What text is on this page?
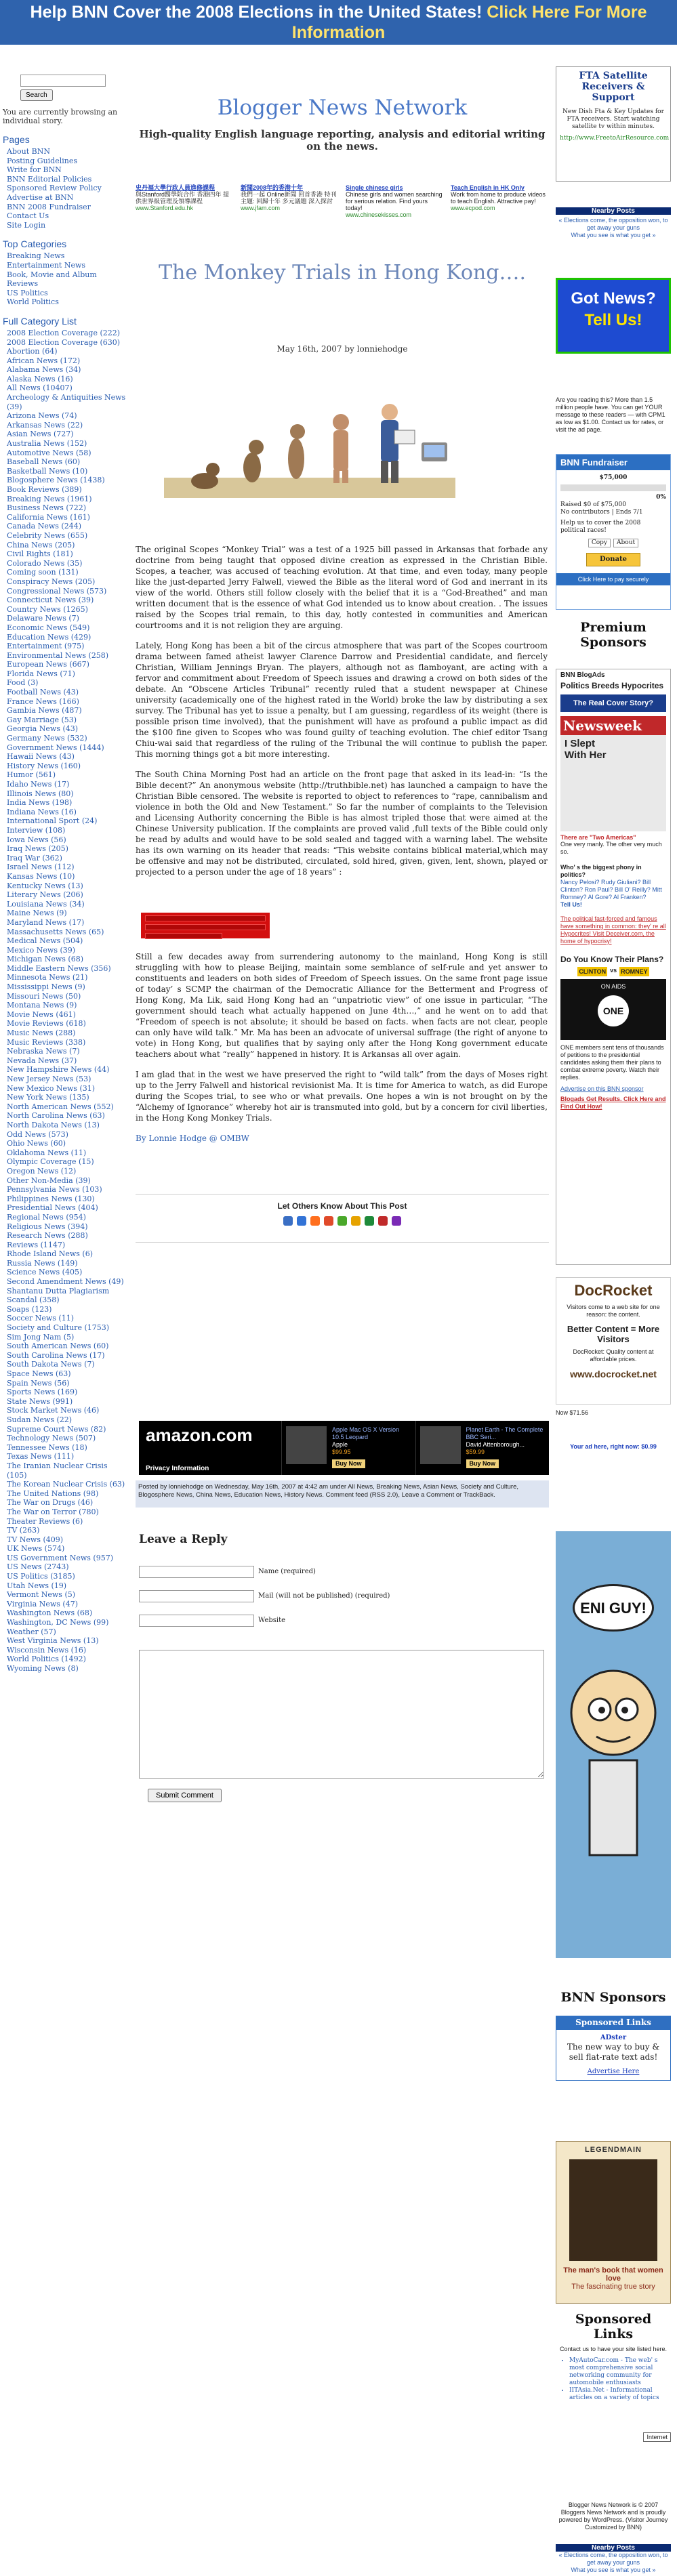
Help BNN Cover the 2008 Elections in the United States! Click Here For More Information
Search
You are currently browsing an individual story.
Pages
About BNN
Posting Guidelines
Write for BNN
BNN Editorial Policies
Sponsored Review Policy
Advertise at BNN
BNN 2008 Fundraiser
Contact Us
Site Login
Top Categories
Breaking News
Entertainment News
Book, Movie and Album Reviews
US Politics
World Politics
Full Category List
2008 Election Coverage (222)
2008 Election Coverage (630)
Abortion (64)
African News (172)
Alabama News (34)
Alaska News (16)
All News (10407)
Archeology & Antiquities News (39)
Arizona News (74)
Arkansas News (22)
Asian News (727)
Australia News (152)
Automotive News (58)
Baseball News (60)
Basketball News (10)
Blogosphere News (1438)
Book Reviews (389)
Breaking News (1961)
Business News (722)
California News (161)
Canada News (244)
Celebrity News (655)
China News (205)
Civil Rights (181)
Colorado News (35)
Coming soon (131)
Conspiracy News (205)
Congressional News (573)
Connecticut News (39)
Country News (1265)
Delaware News (7)
Economic News (549)
Education News (429)
Entertainment (975)
Environmental News (258)
European News (667)
Florida News (71)
Food (3)
Football News (43)
France News (166)
Gambia News (487)
Gay Marriage (53)
Georgia News (43)
Germany News (532)
Government News (1444)
Hawaii News (43)
History News (160)
Humor (561)
Idaho News (17)
Illinois News (80)
India News (198)
Indiana News (16)
International Sport (24)
Interview (108)
Iowa News (56)
Iraq News (205)
Iraq War (362)
Israel News (112)
Kansas News (10)
Kentucky News (13)
Literary News (206)
Louisiana News (34)
Maine News (9)
Maryland News (17)
Massachusetts News (65)
Medical News (504)
Mexico News (39)
Michigan News (68)
Middle Eastern News (356)
Minnesota News (21)
Mississippi News (9)
Missouri News (50)
Montana News (9)
Movie News (461)
Movie Reviews (618)
Music News (288)
Music Reviews (338)
Nebraska News (7)
Nevada News (37)
New Hampshire News (44)
New Jersey News (53)
New Mexico News (31)
New York News (135)
North American News (552)
North Carolina News (63)
North Dakota News (13)
Odd News (573)
Ohio News (60)
Oklahoma News (11)
Olympic Coverage (15)
Oregon News (12)
Other Non-Media (39)
Pennsylvania News (103)
Philippines News (130)
Presidential News (404)
Regional News (954)
Religious News (394)
Research News (288)
Reviews (1147)
Rhode Island News (6)
Russia News (149)
Science News (405)
Second Amendment News (49)
Shantanu Dutta Plagiarism Scandal (358)
Soaps (123)
Soccer News (11)
Society and Culture (1753)
Sim Jong Nam (5)
South American News (60)
South Carolina News (17)
South Dakota News (7)
Space News (63)
Spain News (56)
Sports News (169)
State News (991)
Stock Market News (46)
Sudan News (22)
Supreme Court News (82)
Technology News (507)
Tennessee News (18)
Texas News (111)
The Iranian Nuclear Crisis (105)
The Korean Nuclear Crisis (63)
The United Nations (98)
The War on Drugs (46)
The War on Terror (780)
Theater Reviews (6)
TV (263)
TV News (409)
UK News (574)
US Government News (957)
US News (2743)
US Politics (3185)
Utah News (19)
Vermont News (5)
Virginia News (47)
Washington News (68)
Washington, DC News (99)
Weather (57)
West Virginia News (13)
Wisconsin News (16)
World Politics (1492)
Wyoming News (8)
Blogger News Network
High-quality English language reporting, analysis and editorial writing on the news.
史丹福大學行政人員進修課程
與Stanford醫學院合作 香港四年 提供世界級管理及領導課程
www.Stanford.edu.hk
新聞2008年的香港十年
我們一起 Online新聞 回首香港 特刊 主題: 回歸十年 多元議題 深入探討
www.jfam.com
Single chinese girls
Chinese girls and women searching for serious relation. Find yours today!
www.chinesekisses.com
Teach English in HK Only
Work from home to produce videos to teach English. Attractive pay!
www.ecpod.com
The Monkey Trials in Hong Kong….
May 16th, 2007 by lonniehodge

The original Scopes “Monkey Trial” was a test of a 1925 bill passed in Arkansas that forbade any doctrine from being taught that opposed divine creation as expressed in the Christian Bible. Scopes, a teacher, was accused of teaching evolution. At that time, and even today, many people like the just-departed Jerry Falwell, viewed the Bible as the literal word of God and inerrant in its view of the world. Others still follow closely with the belief that it is a “God-Breathed” and man written document that is the essence of what God intended us to know about creation. . The issues raised by the Scopes trial remain, to this day, hotly contested in communities and American courtrooms and it is not religion they are arguing.

Lately, Hong Kong has been a bit of the circus atmosphere that was part of the Scopes courtroom drama between famed atheist lawyer Clarence Darrow and Presidential candidate, and fiercely Christian, William Jennings Bryan. The players, although not as flamboyant, are acting with a fervor and commitment about Freedom of Speech issues and drawing a crowd on both sides of the debate. An “Obscene Articles Tribunal” recently ruled that a student newspaper at Chinese university (academically one of the highest rated in the World) broke the law by distributing a sex survey. The Tribunal has yet to issue a penalty, but I am guessing, regardless of its weight (there is possible prison time involved), that the punishment will have as profound a public impact as did the $100 fine given to Scopes who was found guilty of teaching evolution. The chief editor Tsang Chiu-wai said that regardless of the ruling of the Tribunal the will continue to publish the paper. This morning things got a bit more interesting.

The South China Morning Post had an article on the front page that asked in its lead-in: “Is the Bible decent?” An anonymous website (http://truthbible.net) has launched a campaign to have the Christian Bible censored. The website is reported to object to references to “rape, cannibalism and violence in both the Old and New Testament.” So far the number of complaints to the Television and Licensing Authority concerning the Bible is has almost tripled those that were aimed at the Chinese University publication. If the complaints are proved valid ,full texts of the Bible could only be read by adults and would have to be sold sealed and tagged with a warning label. The website has its own warning on its header that reads: “This website contains biblical material,which may be offensive and may not be distributed, circulated, sold hired, given, given, lent, shown, played or projected to a person under the age of 18 years” :

Still a few decades away from surrendering autonomy to the mainland, Hong Kong is still struggling with how to please Beijing, maintain some semblance of self-rule and yet answer to constituents and leaders on both sides of Freedom of Speech issues. On the same front page issue of today’ s SCMP the chairman of the Democratic Alliance for the Betterment and Progress of Hong Kong, Ma Lik, said Hong Kong had an “unpatriotic view” of one issue in particular, “The government should teach what actually happened on June 4th…,” and he went on to add that “Freedom of speech is not absolute; it should be based on facts. when facts are not clear, people can only have wild talk.” Mr. Ma has been an advocate of universal suffrage (the right of anyone to vote) in Hong Kong, but qualifies that by saying only after the Hong Kong government educate teachers about what “really” happened in history. It is Arkansas all over again.

I am glad that in the west we have preserved the right to “wild talk” from the days of Moses right up to the Jerry Falwell and historical revisionist Ma. It is time for America to watch, as did Europe during the Scopes trial, to see who or what prevails. One hopes a win is not brought on by the “Alchemy of Ignorance” whereby hot air is transmuted into gold, but by a concern for civil liberties, in the Hong Kong Monkey Trials.

By Lonnie Hodge @ OMBW

Let Others Know About This Post
amazon.com
Privacy Information
Apple Mac OS X Version 10.5 Leopard
Apple
$99.95
Buy Now
Planet Earth - The Complete BBC Seri...
David Attenborough...
$59.99
Buy Now
Posted by lonniehodge on Wednesday, May 16th, 2007 at 4:42 am under All News, Breaking News, Asian News, Society and Culture, Blogosphere News, China News, Education News, History News. Comment feed (RSS 2.0), Leave a Comment or TrackBack.
Leave a Reply
Name (required)
Mail (will not be published) (required)
Website
Submit Comment
FTA Satellite Receivers & Support
New Dish Fta & Key Updates for FTA receivers. Start watching satellite tv within minutes.
http://www.FreetoAirResource.com
Nearby Posts
« Elections come, the opposition won, to get away your guns
What you see is what you get »
Got News?
Tell Us!
Are you reading this? More than 1.5 million people have. You can get YOUR message to these readers — with CPM1 as low as $1.00. Contact us for rates, or visit the ad page.
BNN Fundraiser
$75,000
0%
Raised $0 of $75,000
No contributors | Ends 7/1
Help us to cover the 2008 political races!
Copy	About
Donate
Click Here to pay securely
Premium Sponsors
BNN BlogAds
Politics Breeds Hypocrites
The Real Cover Story?
Newsweek
I Slept With Her
There are "Two Americas"
One very manly. The other very much so.
Who' s the biggest phony in politics?
Nancy Pelosi? Rudy Giuliani? Bill Clinton? Ron Paul? Bill O' Reilly? Mitt Romney? Al Gore? Al Franken?
Tell Us!
The political fast-forced and famous have something in common: they' re all Hypocrites! Visit Deceiver.com, the home of hypocrisy!
Do You Know Their Plans?
CLINTON vs ROMNEY
ON AIDS
ONE
ONE members sent tens of thousands of petitions to the presidential candidates asking them their plans to combat extreme poverty. Watch their replies.
Advertise on this BNN sponsor
Blogads Get Results. Click Here and Find Out How!
DocRocket
Visitors come to a web site for one reason: the content.
Better Content = More Visitors
DocRocket: Quality content at affordable prices.
www.docrocket.net
Now $71.56
Your ad here, right now: $0.99
ENI GUY!
BNN Sponsors
Sponsored Links
ADster
The new way to buy & sell flat-rate text ads!
Advertise Here
LEGENDMAIN
The man's book that women love
The fascinating true story
Sponsored Links
Contact us to have your site listed here.
• MyAutoCar.com - The web' s most comprehensive social networking community for automobile enthusiasts
• IITAsia.Net - Informational articles on a variety of topics
Internet
Blogger News Network is © 2007 Bloggers News Network and is proudly powered by WordPress. (Visitor Journey Customized by BNN)
Nearby Posts
« Elections come, the opposition won, to get away your guns
What you see is what you get »
